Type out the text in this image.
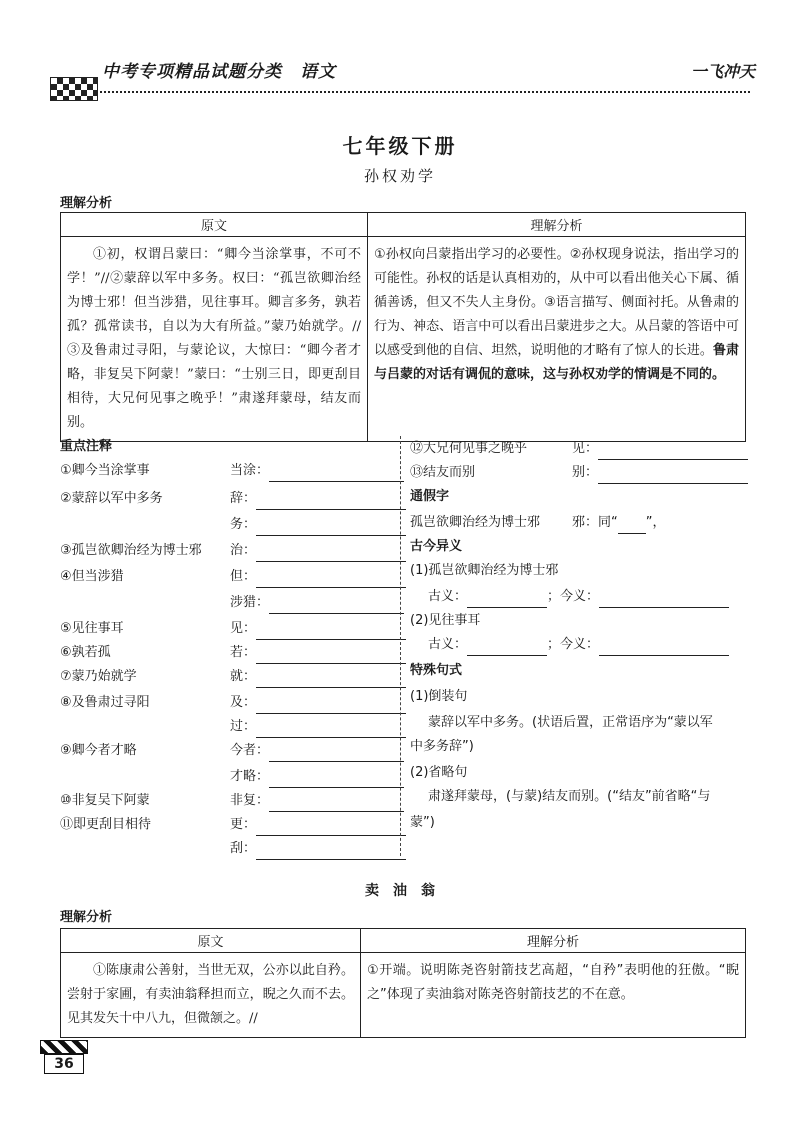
中考专项精品试题分类　语文	一飞冲天
七年级下册
孙权劝学
理解分析
原文	理解分析
①初，权谓吕蒙曰：“卿今当涂掌事，不可不学！”//②蒙辞以军中多务。权曰：“孤岂欲卿治经为博士邪！但当涉猎，见往事耳。卿言多务，孰若孤？孤常读书，自以为大有所益。”蒙乃始就学。//③及鲁肃过寻阳，与蒙论议，大惊曰：“卿今者才略，非复吴下阿蒙！”蒙曰：“士别三日，即更刮目相待，大兄何见事之晚乎！”肃遂拜蒙母，结友而别。	①孙权向吕蒙指出学习的必要性。②孙权现身说法，指出学习的可能性。孙权的话是认真相劝的，从中可以看出他关心下属、循循善诱，但又不失人主身份。③语言描写、侧面衬托。从鲁肃的行为、神态、语言中可以看出吕蒙进步之大。从吕蒙的答语中可以感受到他的自信、坦然，说明他的才略有了惊人的长进。鲁肃与吕蒙的对话有调侃的意味，这与孙权劝学的情调是不同的。
重点注释
①卿今当涂掌事	当涂：
②蒙辞以军中多务	辞：
务：
③孤岂欲卿治经为博士邪 治：
④但当涉猎	但：
涉猎：
⑤见往事耳	见：
⑥孰若孤	若：
⑦蒙乃始就学	就：
⑧及鲁肃过寻阳	及：
过：
⑨卿今者才略	今者：
才略：
⑩非复吴下阿蒙	非复：
⑪即更刮目相待	更：
刮：
⑫大兄何见事之晚乎	见：
⑬结友而别	别：
通假字
孤岂欲卿治经为博士邪 邪：同“ ”，
古今异义
(1)孤岂欲卿治经为博士邪
古义：	；今义：
(2)见往事耳
古义：	；今义：
特殊句式
(1)倒装句
蒙辞以军中多务。(状语后置，正常语序为“蒙以军
中多务辞”)
(2)省略句
肃遂拜蒙母，(与蒙)结友而别。(“结友”前省略“与
蒙”)
卖　油　翁
理解分析
原文	理解分析
①陈康肃公善射，当世无双，公亦以此自矜。尝射于家圃，有卖油翁释担而立，睨之久而不去。见其发矢十中八九，但微颔之。//	①开端。说明陈尧咨射箭技艺高超，“自矜”表明他的狂傲。“睨之”体现了卖油翁对陈尧咨射箭技艺的不在意。
36
